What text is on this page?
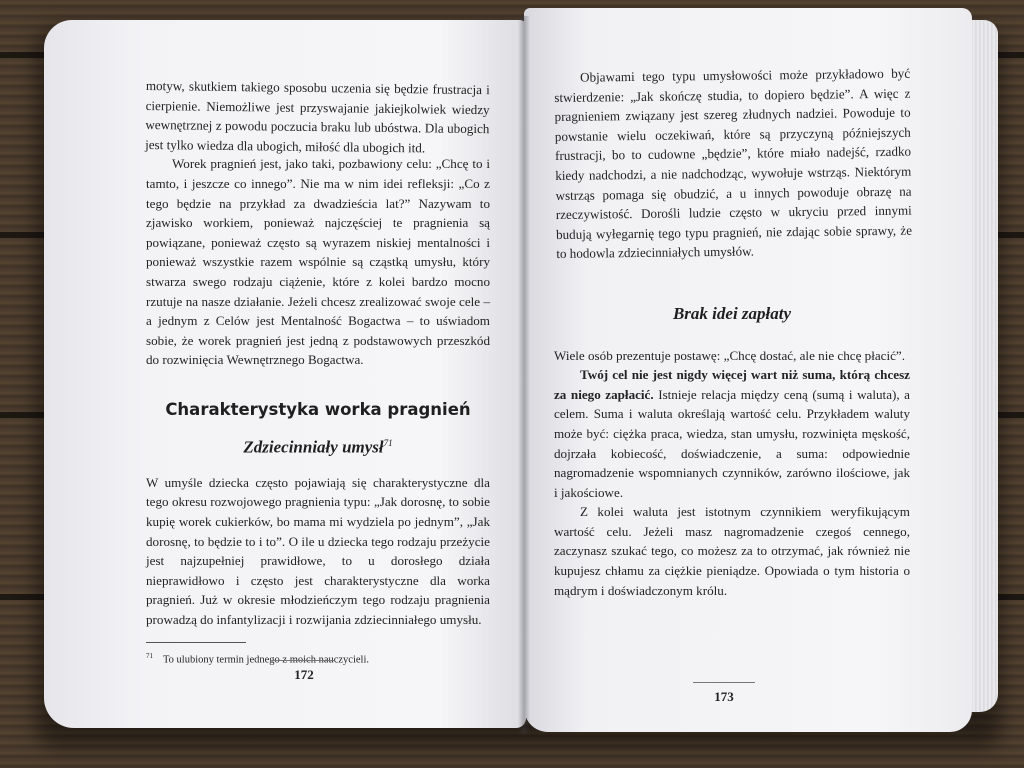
motyw, skutkiem takiego sposobu uczenia się będzie frustracja i cierpienie. Niemożliwe jest przyswajanie jakiejkolwiek wiedzy wewnętrznej z powodu poczucia braku lub ubóstwa. Dla ubogich jest tylko wiedza dla ubogich, miłość dla ubogich itd.

Worek pragnień jest, jako taki, pozbawiony celu: „Chcę to i tamto, i jeszcze co innego”. Nie ma w nim idei refleksji: „Co z tego będzie na przykład za dwadzieścia lat?” Nazywam to zjawisko workiem, ponieważ najczęściej te pragnienia są powiązane, ponieważ często są wyrazem niskiej mentalności i ponieważ wszystkie razem wspólnie są cząstką umysłu, który stwarza swego rodzaju ciążenie, które z kolei bardzo mocno rzutuje na nasze działanie. Jeżeli chcesz zrealizować swoje cele – a jednym z Celów jest Mentalność Bogactwa – to uświadom sobie, że worek pragnień jest jedną z podstawowych przeszkód do rozwinięcia Wewnętrznego Bogactwa.

Charakterystyka worka pragnień
Zdziecinniały umysł$^{71}$

W umyśle dziecka często pojawiają się charakterystyczne dla tego okresu rozwojowego pragnienia typu: „Jak dorosnę, to sobie kupię worek cukierków, bo mama mi wydziela po jednym”, „Jak dorosnę, to będzie to i to”. O ile u dziecka tego rodzaju przeżycie jest najzupełniej prawidłowe, to u dorosłego działa nieprawidłowo i często jest charakterystyczne dla worka pragnień. Już w okresie młodzieńczym tego rodzaju pragnienia prowadzą do infantylizacji i rozwijania zdziecinniałego umysłu.

$^{71}$ To ulubiony termin jednego z moich nauczycieli.
172

Objawami tego typu umysłowości może przykładowo być stwierdzenie: „Jak skończę studia, to dopiero będzie”. A więc z pragnieniem związany jest szereg złudnych nadziei. Powoduje to powstanie wielu oczekiwań, które są przyczyną późniejszych frustracji, bo to cudowne „będzie”, które miało nadejść, rzadko kiedy nadchodzi, a nie nadchodząc, wywołuje wstrząs. Niektórym wstrząs pomaga się obudzić, a u innych powoduje obrazę na rzeczywistość. Dorośli ludzie często w ukryciu przed innymi budują wyłegarnię tego typu pragnień, nie zdając sobie sprawy, że to hodowla zdziecinniałych umysłów.

Brak idei zapłaty

Wiele osób prezentuje postawę: „Chcę dostać, ale nie chcę płacić”.

Twój cel nie jest nigdy więcej wart niż suma, którą chcesz za niego zapłacić. Istnieje relacja między ceną (sumą i waluta), a celem. Suma i waluta określają wartość celu. Przykładem waluty może być: ciężka praca, wiedza, stan umysłu, rozwinięta męskość, dojrzała kobiecość, doświadczenie, a suma: odpowiednie nagromadzenie wspomnianych czynników, zarówno ilościowe, jak i jakościowe.

Z kolei waluta jest istotnym czynnikiem weryfikującym wartość celu. Jeżeli masz nagromadzenie czegoś cennego, zaczynasz szukać tego, co możesz za to otrzymać, jak również nie kupujesz chłamu za ciężkie pieniądze. Opowiada o tym historia o mądrym i doświadczonym królu.

173
